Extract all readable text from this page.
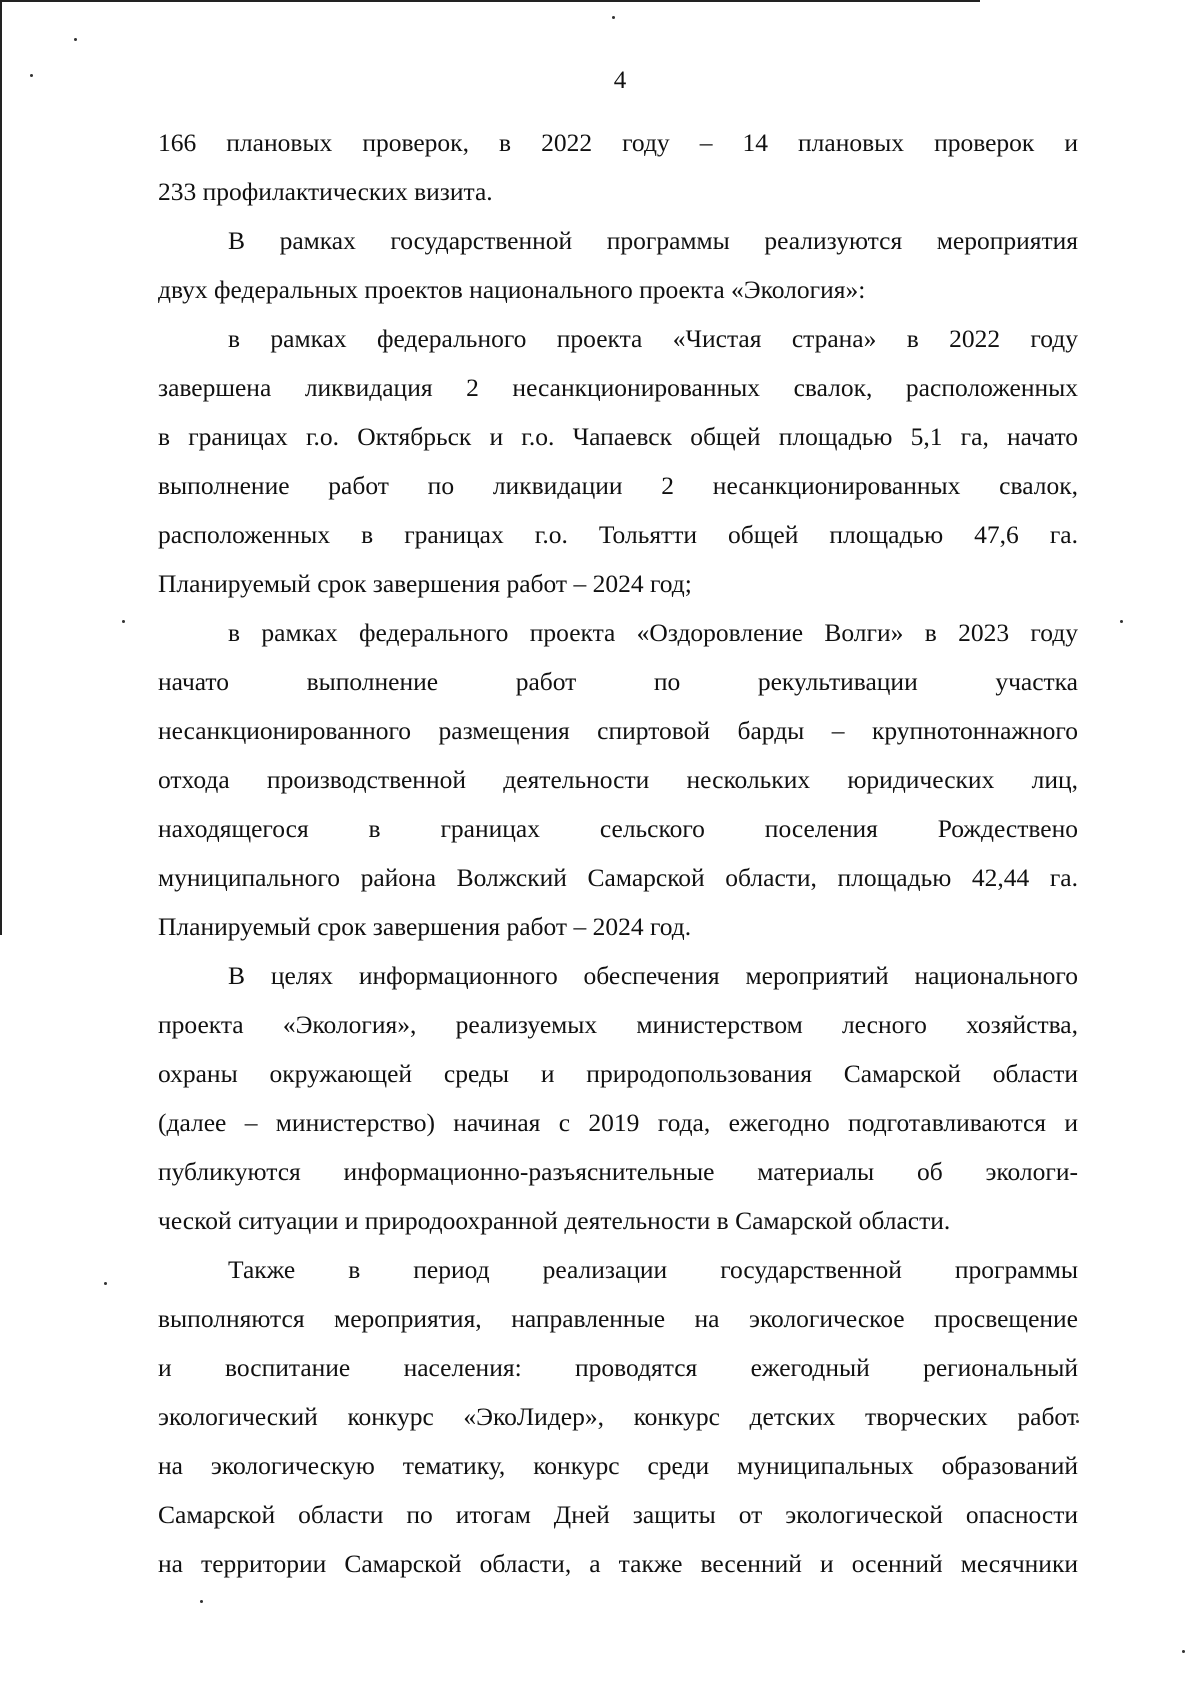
4
166 плановых проверок, в 2022 году – 14 плановых проверок и
233 профилактических визита.
В рамках государственной программы реализуются мероприятия
двух федеральных проектов национального проекта «Экология»:
в рамках федерального проекта «Чистая страна» в 2022 году
завершена ликвидация 2 несанкционированных свалок, расположенных
в границах г.о. Октябрьск и г.о. Чапаевск общей площадью 5,1 га, начато
выполнение работ по ликвидации 2 несанкционированных свалок,
расположенных в границах г.о. Тольятти общей площадью 47,6 га.
Планируемый срок завершения работ – 2024 год;
в рамках федерального проекта «Оздоровление Волги» в 2023 году
начато выполнение работ по рекультивации участка
несанкционированного размещения спиртовой барды – крупнотоннажного
отхода производственной деятельности нескольких юридических лиц,
находящегося в границах сельского поселения Рождествено
муниципального района Волжский Самарской области, площадью 42,44 га.
Планируемый срок завершения работ – 2024 год.
В целях информационного обеспечения мероприятий национального
проекта «Экология», реализуемых министерством лесного хозяйства,
охраны окружающей среды и природопользования Самарской области
(далее – министерство) начиная с 2019 года, ежегодно подготавливаются и
публикуются информационно-разъяснительные материалы об экологи-
ческой ситуации и природоохранной деятельности в Самарской области.
Также в период реализации государственной программы
выполняются мероприятия, направленные на экологическое просвещение
и воспитание населения: проводятся ежегодный региональный
экологический конкурс «ЭкоЛидер», конкурс детских творческих работ
на экологическую тематику, конкурс среди муниципальных образований
Самарской области по итогам Дней защиты от экологической опасности
на территории Самарской области, а также весенний и осенний месячники
